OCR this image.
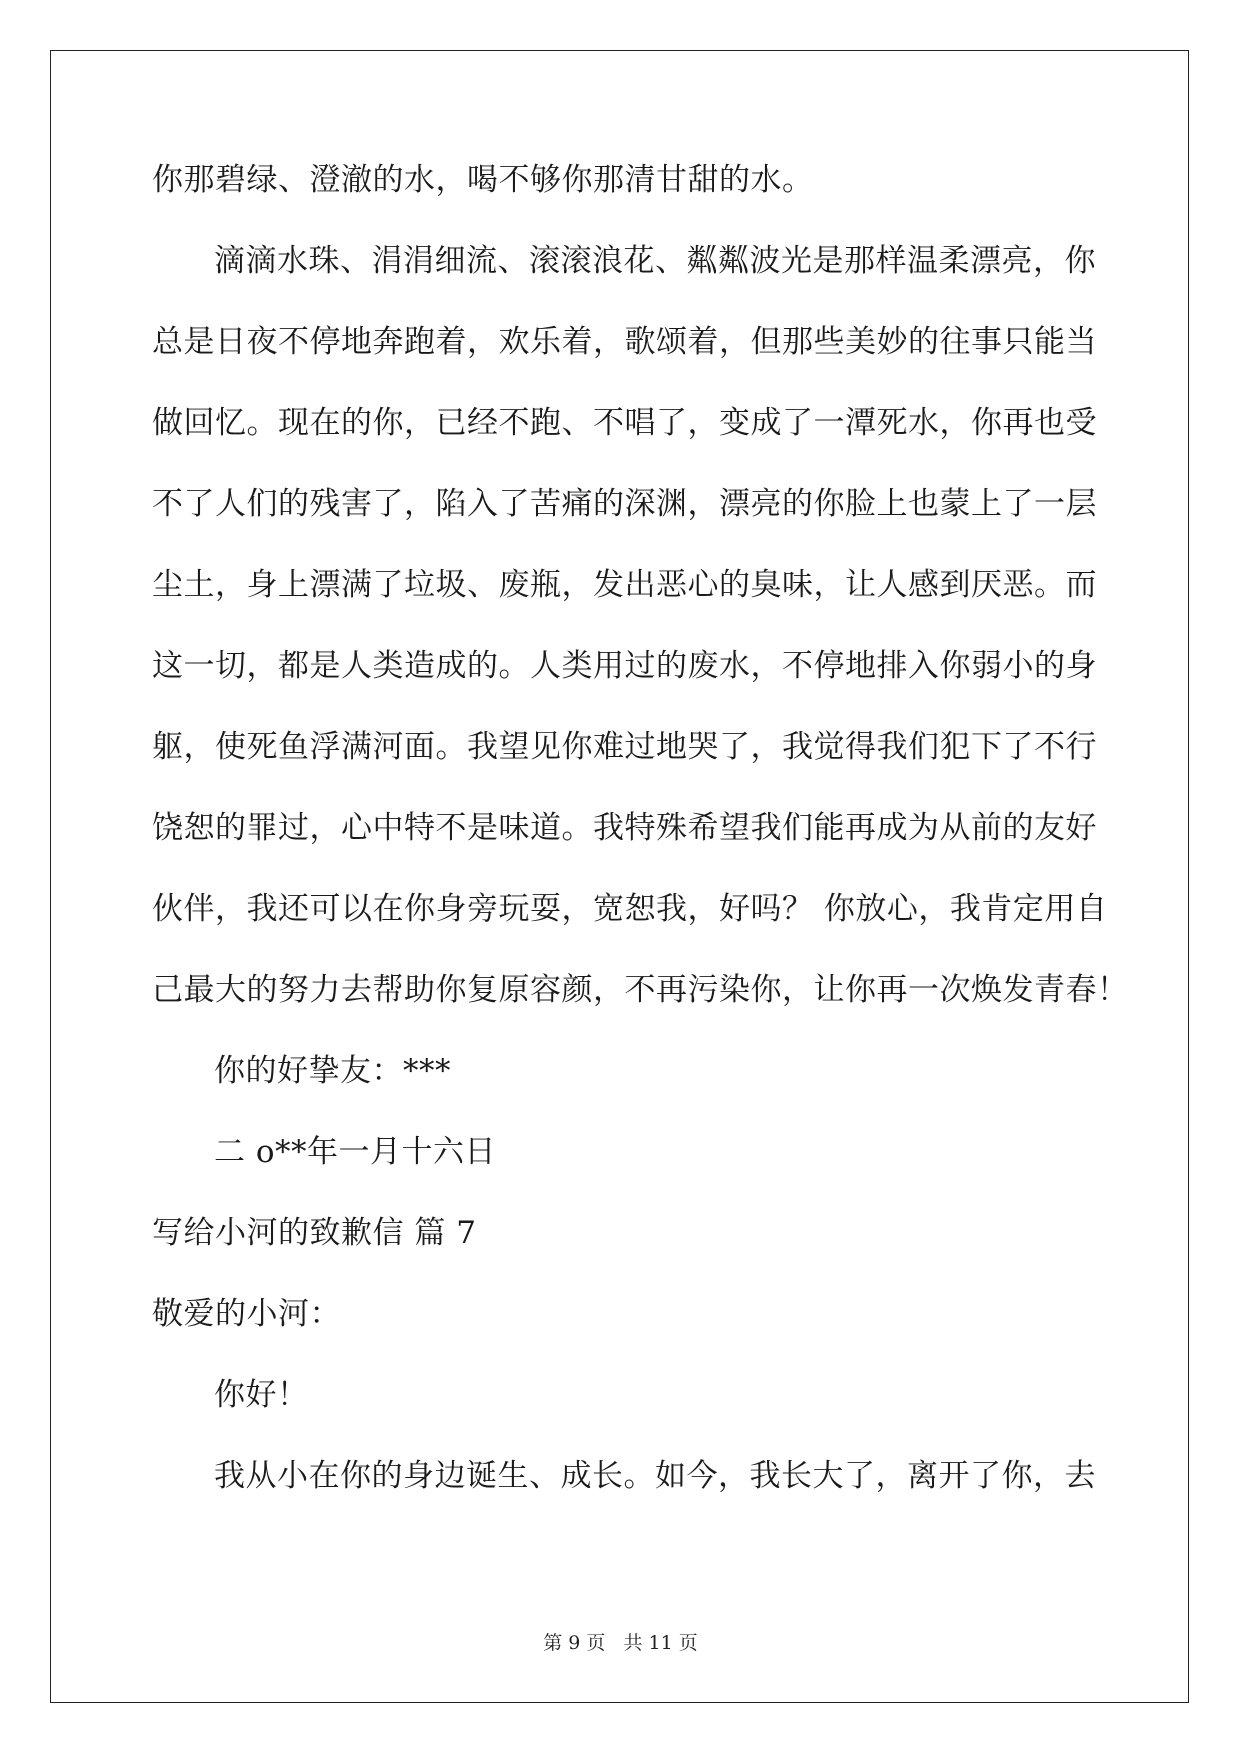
你那碧绿、澄澈的水，喝不够你那清甘甜的水。
滴滴水珠、涓涓细流、滚滚浪花、粼粼波光是那样温柔漂亮，你
总是日夜不停地奔跑着，欢乐着，歌颂着，但那些美妙的往事只能当
做回忆。现在的你，已经不跑、不唱了，变成了一潭死水，你再也受
不了人们的残害了，陷入了苦痛的深渊，漂亮的你脸上也蒙上了一层
尘土，身上漂满了垃圾、废瓶，发出恶心的臭味，让人感到厌恶。而
这一切，都是人类造成的。人类用过的废水，不停地排入你弱小的身
躯，使死鱼浮满河面。我望见你难过地哭了，我觉得我们犯下了不行
饶恕的罪过，心中特不是味道。我特殊希望我们能再成为从前的友好
伙伴，我还可以在你身旁玩耍，宽恕我，好吗？ 你放心，我肯定用自
己最大的努力去帮助你复原容颜，不再污染你，让你再一次焕发青春！
你的好挚友：***
二 o**年一月十六日
写给小河的致歉信 篇 7
敬爱的小河：
你好！
我从小在你的身边诞生、成长。如今，我长大了，离开了你，去
第 9 页 共 11 页
